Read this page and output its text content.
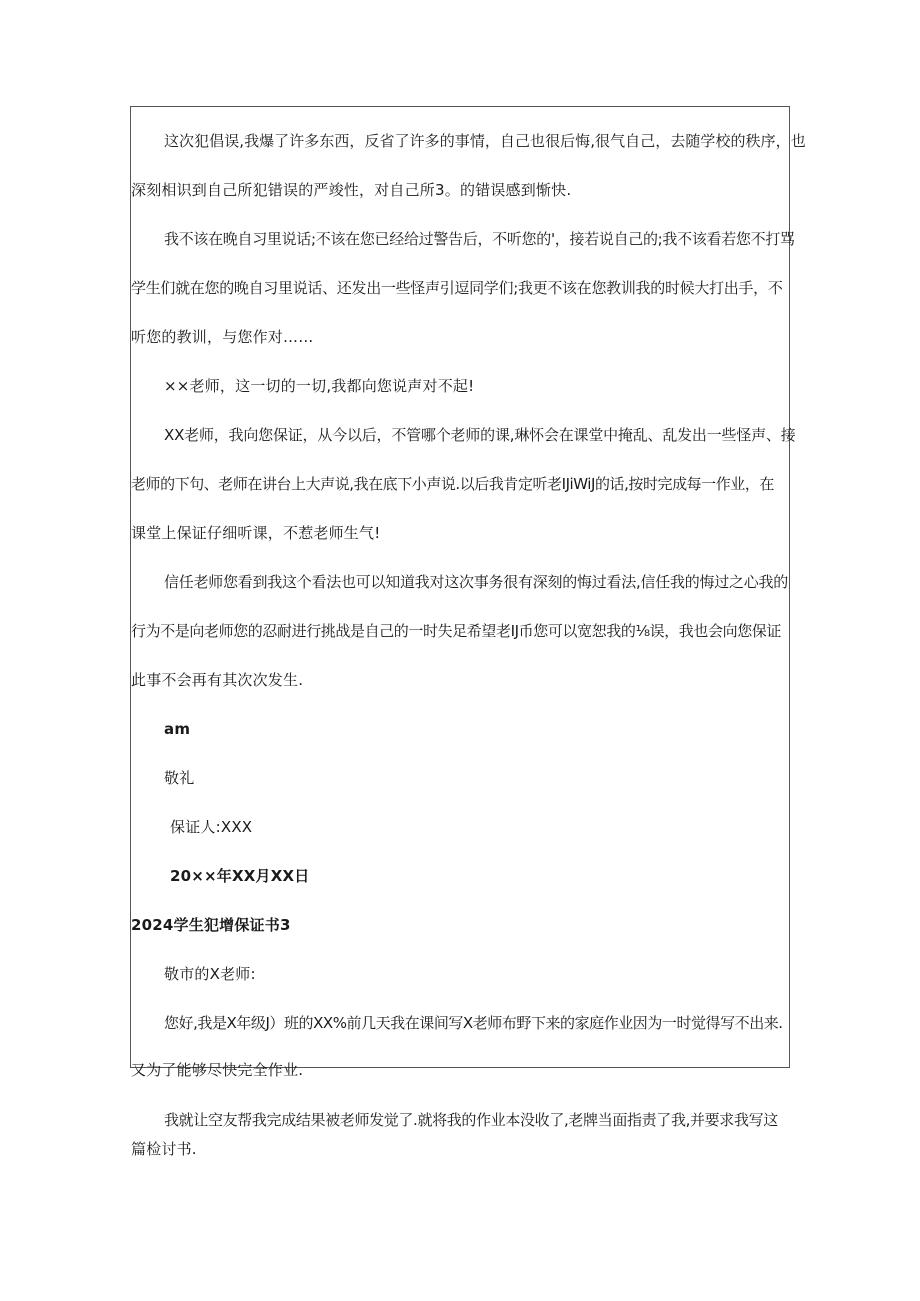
这次犯倡误,我爆了许多东西，反省了许多的事情，自己也很后悔,很气自己，去随学校的秩序，也
深刻相识到自己所犯错误的严竣性，对自己所3。的错误感到惭快.
我不该在晚自习里说话;不该在您已经给过警告后，不听您的'，接若说自己的;我不该看若您不打骂
学生们就在您的晚自习里说话、还发出一些怪声引逗同学们;我更不该在您教训我的时候大打出手，不
听您的教训，与您作对……
××老师，这一切的一切,我都向您说声对不起!
XX老师，我向您保证，从今以后，不管哪个老师的课,琳怀会在课堂中掩乱、乱发出一些怪声、接
老师的下句、老师在讲台上大声说,我在底下小声说.以后我肯定听老IJiWiJ的话,按时完成每一作业，在
课堂上保证仔细听课，不惹老师生气!
信任老师您看到我这个看法也可以知道我对这次事务很有深刻的悔过看法,信任我的悔过之心我的
行为不是向老师您的忍耐进行挑战是自己的一时失足希望老IJ币您可以宽恕我的⅛误，我也会向您保证
此事不会再有其次次发生.
am
敬礼
保证人:XXX
20××年XX月XX日
2024学生犯增保证书3
敬市的X老师:
您好,我是X年级J）班的XX%前几天我在课间写X老师布野下来的家庭作业因为一时觉得写不出来.
又为了能够尽快完全作业.
我就让空友帮我完成结果被老师发觉了.就将我的作业本没收了,老牌当面指责了我,并要求我写这
篇检讨书.
